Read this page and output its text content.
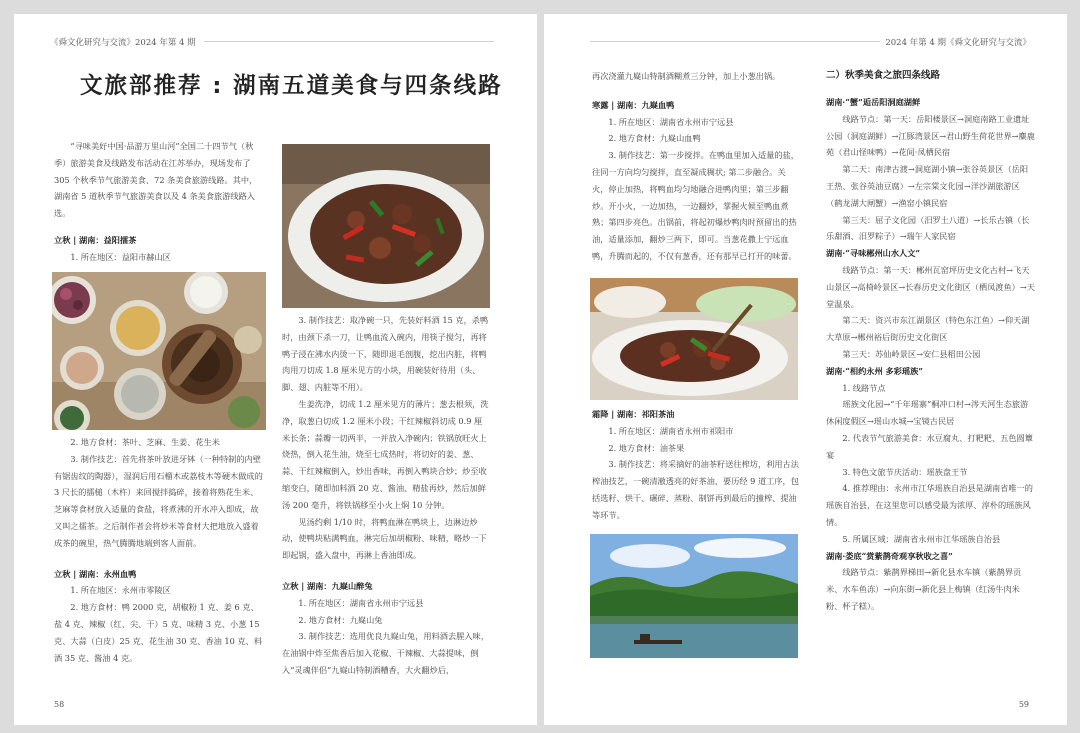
《舜文化研究与交流》2024 年第 4 期
文旅部推荐 : 湖南五道美食与四条线路

“寻味美好中国·品游万里山河”全国二十四节气（秋季）旅游美食及线路发布活动在江苏举办，现场发布了 305 个秋季节气旅游美食、72 条美食旅游线路。其中，湖南省 5 道秋季节气旅游美食以及 4 条美食旅游线路入选。

立秋 | 湖南：益阳擂茶

1. 所在地区：益阳市赫山区

2. 地方食材：茶叶、芝麻、生姜、花生米

3. 制作技艺：首先将茶叶放进牙钵（一种特制的内壁有锯齿纹的陶器），湿润后用石榴木或荔枝木等硬木做成的 3 尺长的擂槌（木杵）来回搅拌捣碎，接着将熟花生米、芝麻等食材放入适量的食盐，将煮沸的开水冲入即成，故又叫之擂茶。之后制作者会将炒米等食材大把地放入盛着成茶的碗里，热气腾腾地端到客人面前。

立秋 | 湖南：永州血鸭

1. 所在地区：永州市零陵区

2. 地方食材：鸭 2000 克，胡椒粉 1 克、姜 6 克、盐 4 克、辣椒（红、尖、干）5 克、味精 3 克、小葱 15 克、大蒜（白皮）25 克、花生油 30 克、香油 10 克、料酒 35 克、酱油 4 克。

3. 制作技艺：取净碗一只，先装好料酒 15 克，杀鸭时，由颈下杀一刀，让鸭血流入碗内，用筷子搅匀，再将鸭子浸在沸水内烫一下，随即退毛剖腹，挖出内脏，将鸭肉用刀切成 1.8 厘米见方的小块，用碗装好待用（头、脚、翅、内脏等不用）。

生姜洗净，切成 1.2 厘米见方的薄片；葱去根须，洗净，取葱白切成 1.2 厘米小段；干红辣椒斜切成 0.9 厘米长条；蒜瓣一切两半，一并放入净碗内；铁锅放旺火上烧热，倒入花生油，烧至七成热时，将切好的姜、葱、蒜、干红辣椒倒入，炒出香味，再倒入鸭块合炒；炒至收缩变白，随即加料酒 20 克、酱油、精盐再炒，然后加鲜汤 200 毫升，将铁锅移至小火上焖 10 分钟。

见汤约剩 1/10 时，将鸭血淋在鸭块上，边淋边炒动，使鸭块粘满鸭血，淋完后加胡椒粉、味精，略炒一下即起锅，盛入盘中，再淋上香油即成。

立秋 | 湖南：九嶷山醉兔

1. 所在地区：湖南省永州市宁远县

2. 地方食材：九嶷山兔

3. 制作技艺：选用优良九嶷山兔，用料酒去腥入味，在油锅中炸至焦香后加入花椒、干辣椒、大蒜提味，倒入“灵魂伴侣”九嶷山特制酒糟香，大火翻炒后，

58
2024 年第 4 期《舜文化研究与交流》

再次浇灌九嶷山特制酒糊煮三分钟，加上小葱出锅。

寒露 | 湖南：九嶷血鸭

1. 所在地区：湖南省永州市宁远县

2. 地方食材：九嶷山血鸭

3. 制作技艺：第一步搅拌。在鸭血里加入适量的盐，往同一方向均匀搅拌，直至凝成稠状; 第二步融合。关火，停止加热，将鸭血均匀地融合进鸭肉里；第三步翻炒。开小火，一边加热，一边翻炒，掌握火候至鸭血煮熟；第四步亮色。出锅前，将起初爆炒鸭肉时预留出的热油，适量添加，翻炒三两下，即可。当葱花撒上宁远血鸭，升腾而起的，不仅有葱香，还有那早已打开的味蕾。

霜降 | 湖南：祁阳茶油

1. 所在地区：湖南省永州市祁阳市

2. 地方食材：油茶果

3. 制作技艺：将采摘好的油茶籽送往榨坊，利用古法榨油技艺，一碗清澈透亮的好茶油，要历经 9 道工序，包括选籽、烘干、碾碎、蒸粉、制饼再到最后的撞榨、提油等环节。

二）秋季美食之旅四条线路

湖南·“蟹”逅岳阳洞庭湖鲜

线路节点：第一天：岳阳楼景区→洞庭南路工业遗址公园（洞庭湖鲜）→江豚湾景区→君山野生荷花世界→麋鹿苑（君山怪味鸭）→花间·凤栖民宿

第二天：南津古渡→洞庭湖小镇→张谷英景区（岳阳王热、张谷英油豆腐）→左宗棠文化园→洋沙湖旅游区（鹤龙湖大闸蟹）→渔窑小镇民宿

第三天：屈子文化园（汨罗土八道）→长乐古镇（长乐甜酒、汨罗粽子）→瑞午人家民宿

湖南·“寻味郴州山水人文”

线路节点：第一天：郴州瓦窑坪历史文化古村→飞天山景区→高椅岭景区→长春历史文化街区（栖凤渡鱼）→天堂温泉。

第二天：资兴市东江湖景区（特色东江鱼）→仰天湖大草原→郴州裕后街历史文化街区

第三天：苏仙岭景区→安仁县稻田公园

湖南·“相约永州 多彩瑶族”

1. 线路节点

瑶族文化园→“千年瑶寨”桐冲口村→涔天河生态旅游休闲度假区→瑶山水城→宝镜古民居

2. 代表节气旅游美食：水豆腐丸、打粑粑、五色圆簟宴

3. 特色文旅节庆活动：瑶族盘王节

4. 推荐理由：永州市江华瑶族自治县是湖南省唯一的瑶族自治县，在这里您可以感受最为浓厚、淳朴的瑶族风情。

5. 所属区域：湖南省永州市江华瑶族自治县

湖南·娄底“赏紫鹊奇观享秋收之喜”

线路节点：紫鹊界梯田→新化县水车镇（紫鹊界贡米、水车鱼冻）→向东街→新化县上梅镇（红汤牛肉米粉、杯子糕）。

59
